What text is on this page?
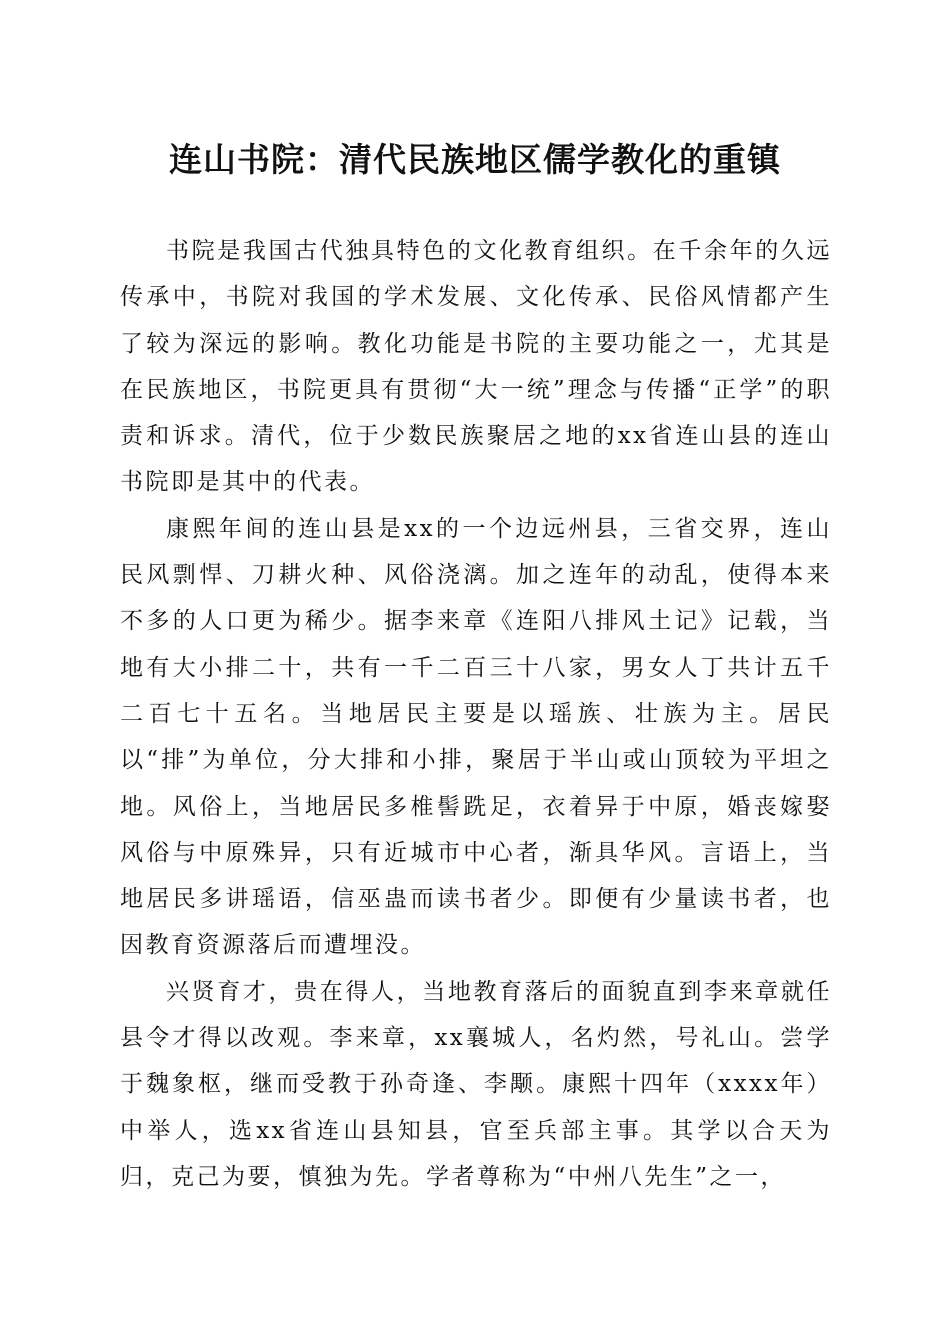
连山书院：清代民族地区儒学教化的重镇

书院是我国古代独具特色的文化教育组织。在千余年的久远传承中，书院对我国的学术发展、文化传承、民俗风情都产生了较为深远的影响。教化功能是书院的主要功能之一，尤其是在民族地区，书院更具有贯彻“大一统”理念与传播“正学”的职责和诉求。清代，位于少数民族聚居之地的xx省连山县的连山书院即是其中的代表。

康熙年间的连山县是xx的一个边远州县，三省交界，连山民风剽悍、刀耕火种、风俗浇漓。加之连年的动乱，使得本来不多的人口更为稀少。据李来章《连阳八排风土记》记载，当地有大小排二十，共有一千二百三十八家，男女人丁共计五千二百七十五名。当地居民主要是以瑶族、壮族为主。居民以“排”为单位，分大排和小排，聚居于半山或山顶较为平坦之地。风俗上，当地居民多椎髻跣足，衣着异于中原，婚丧嫁娶风俗与中原殊异，只有近城市中心者，渐具华风。言语上，当地居民多讲瑶语，信巫蛊而读书者少。即便有少量读书者，也因教育资源落后而遭埋没。

兴贤育才，贵在得人，当地教育落后的面貌直到李来章就任县令才得以改观。李来章，xx襄城人，名灼然，号礼山。尝学于魏象枢，继而受教于孙奇逢、李颙。康熙十四年（xxxx年）中举人，选xx省连山县知县，官至兵部主事。其学以合天为归，克己为要，慎独为先。学者尊称为“中州八先生”之一，
